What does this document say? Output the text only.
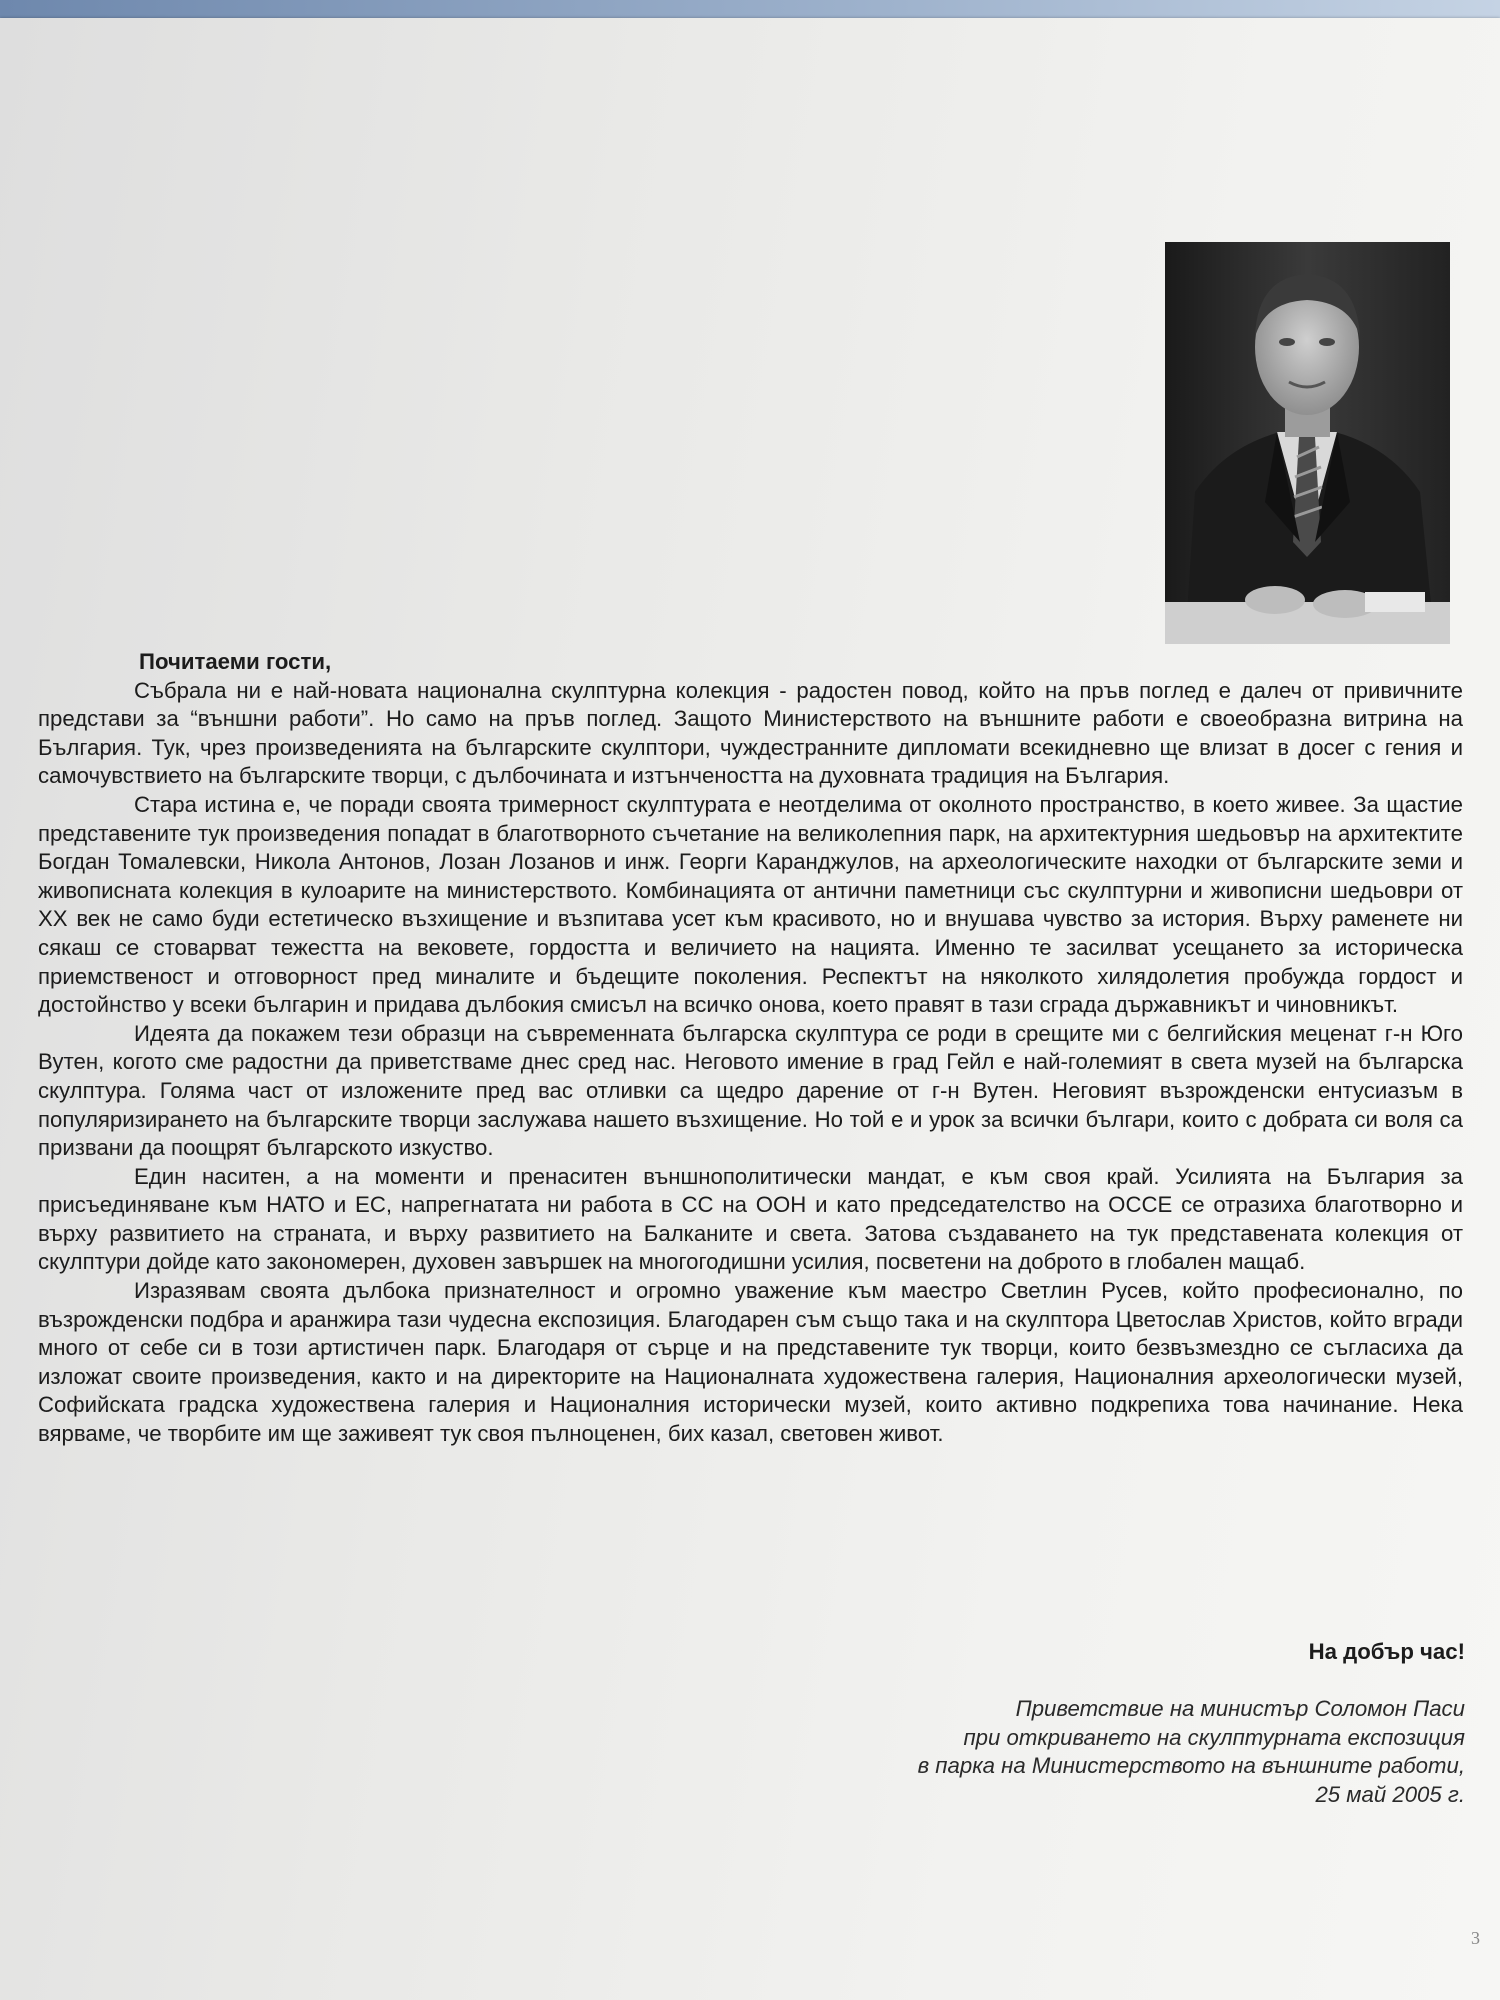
Почитаеми гости,

Събрала ни е най-новата национална скулптурна колекция - радостен повод, който на пръв поглед е далеч от привичните представи за “външни работи”. Но само на пръв поглед. Защото Министерството на външните работи е своеобразна витрина на България. Тук, чрез произведенията на българските скулптори, чуждестранните дипломати всекидневно ще влизат в досег с гения и самочувствието на българските творци, с дълбочината и изтънчеността на духовната традиция на България.

Стара истина е, че поради своята тримерност скулптурата е неотделима от околното пространство, в което живее. За щастие представените тук произведения попадат в благотворното съчетание на великолепния парк, на архитектурния шедьовър на архитектите Богдан Томалевски, Никола Антонов, Лозан Лозанов и инж. Георги Каранджулов, на археологическите находки от българските земи и живописната колекция в кулоарите на министерството. Комбинацията от антични паметници със скулптурни и живописни шедьоври от ХХ век не само буди естетическо възхищение и възпитава усет към красивото, но и внушава чувство за история. Върху раменете ни сякаш се стоварват тежестта на вековете, гордостта и величието на нацията. Именно те засилват усещането за историческа приемственост и отговорност пред миналите и бъдещите поколения. Респектът на няколкото хилядолетия пробужда гордост и достойнство у всеки българин и придава дълбокия смисъл на всичко онова, което правят в тази сграда държавникът и чиновникът.

Идеята да покажем тези образци на съвременната българска скулптура се роди в срещите ми с белгийския меценат г-н Юго Вутен, когото сме радостни да приветстваме днес сред нас. Неговото имение в град Гейл е най-големият в света музей на българска скулптура. Голяма част от изложените пред вас отливки са щедро дарение от г-н Вутен. Неговият възрожденски ентусиазъм в популяризирането на българските творци заслужава нашето възхищение. Но той е и урок за всички българи, които с добрата си воля са призвани да поощрят българското изкуство.

Един наситен, а на моменти и пренаситен външнополитически мандат, е към своя край. Усилията на България за присъединяване към НАТО и ЕС, напрегнатата ни работа в СС на ООН и като председателство на ОССЕ се отразиха благотворно и върху развитието на страната, и върху развитието на Балканите и света. Затова създаването на тук представената колекция от скулптури дойде като закономерен, духовен завършек на многогодишни усилия, посветени на доброто в глобален мащаб.

Изразявам своята дълбока признателност и огромно уважение към маестро Светлин Русев, който професионално, по възрожденски подбра и аранжира тази чудесна експозиция. Благодарен съм също така и на скулптора Цветослав Христов, който вгради много от себе си в този артистичен парк. Благодаря от сърце и на представените тук творци, които безвъзмездно се съгласиха да изложат своите произведения, както и на директорите на Националната художествена галерия, Националния археологически музей, Софийската градска художествена галерия и Националния исторически музей, които активно подкрепиха това начинание. Нека вярваме, че творбите им ще заживеят тук своя пълноценен, бих казал, световен живот.

На добър час!
Приветствие на министър Соломон Паси
при откриването на скулптурната експозиция
в парка на Министерството на външните работи,
25 май 2005 г.
3
